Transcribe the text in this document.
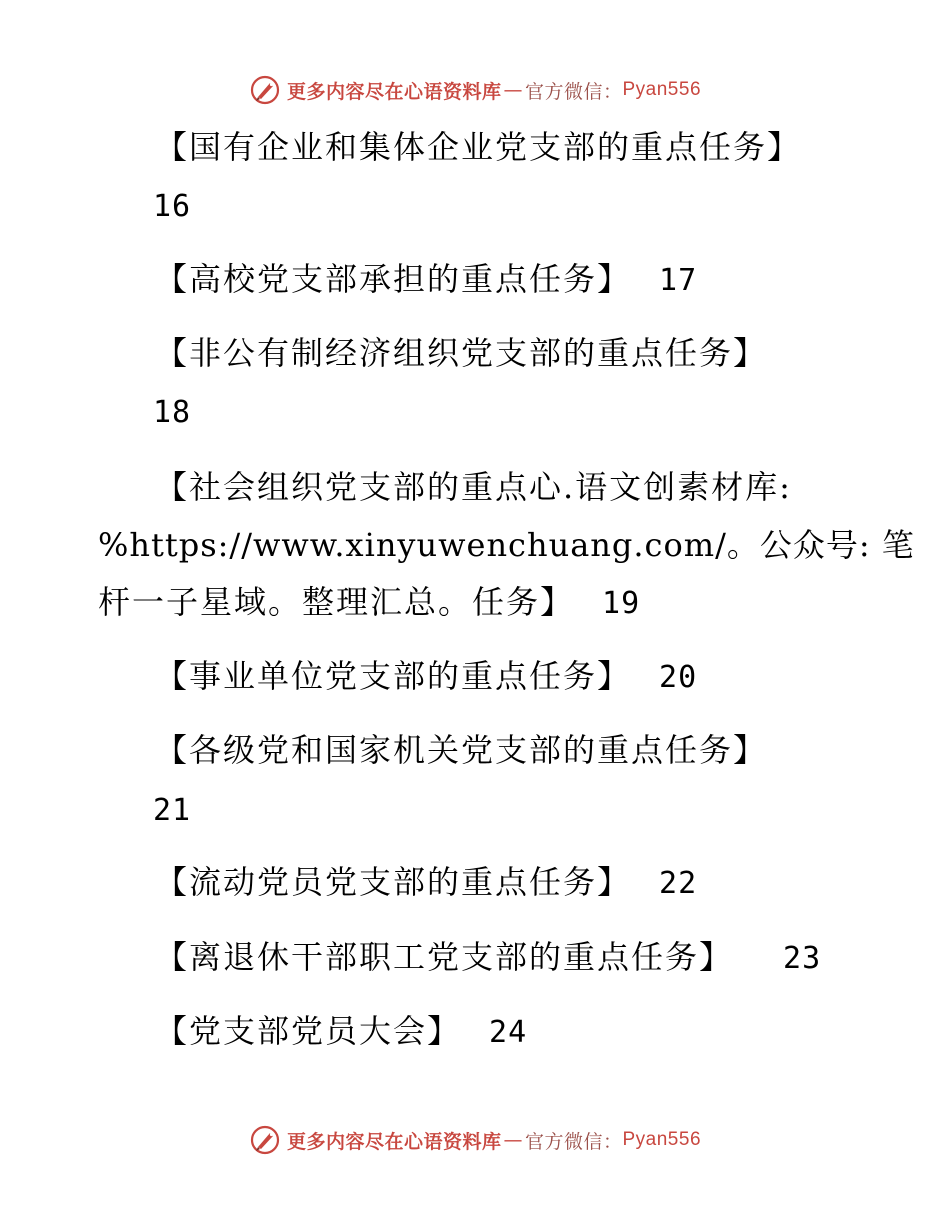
更多内容尽在心语资料库 — 官方微信： Pyan556
【国有企业和集体企业党支部的重点任务】
16
【高校党支部承担的重点任务】 17
【非公有制经济组织党支部的重点任务】
18
【社会组织党支部的重点心.语文创素材库:
%https://www.xinyuwenchuang.com/。公众号: 笔
杆一子星域。整理汇总。任务】 19
【事业单位党支部的重点任务】 20
【各级党和国家机关党支部的重点任务】
21
【流动党员党支部的重点任务】 22
【离退休干部职工党支部的重点任务】 23
【党支部党员大会】 24
更多内容尽在心语资料库 — 官方微信： Pyan556
